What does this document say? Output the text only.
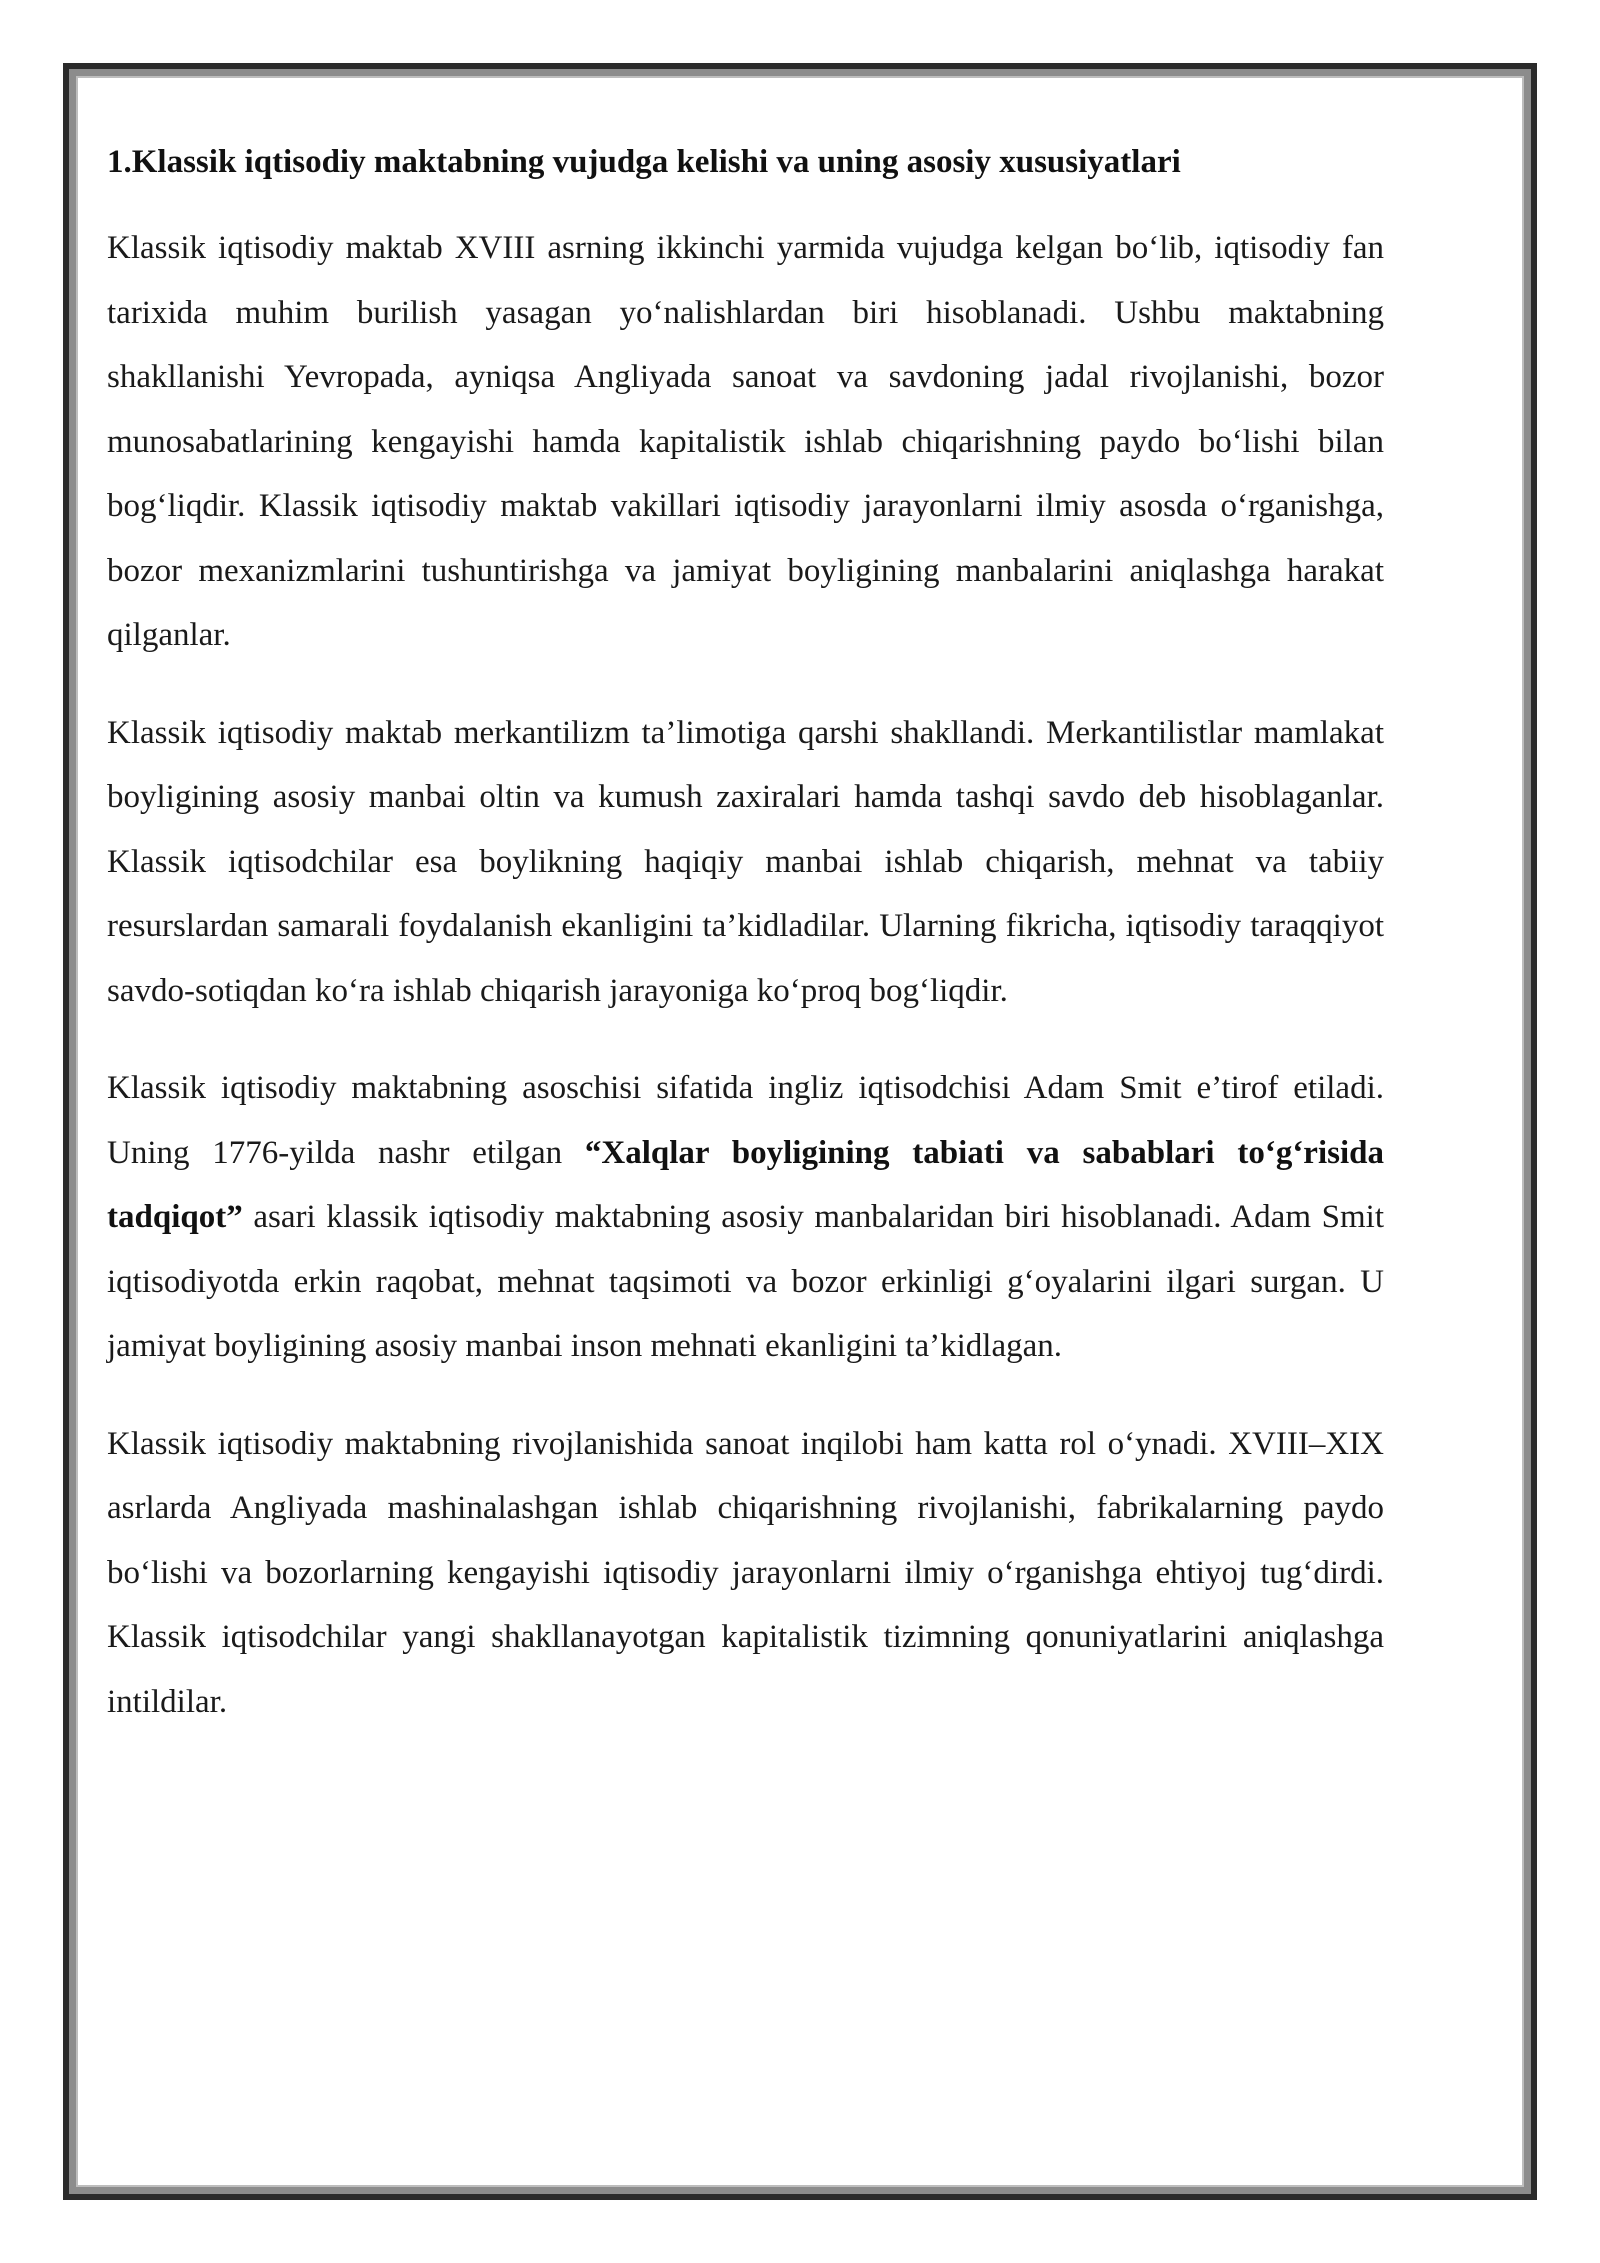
1.Klassik iqtisodiy maktabning vujudga kelishi va uning asosiy xususiyatlari

Klassik iqtisodiy maktab XVIII asrning ikkinchi yarmida vujudga kelgan bo‘lib, iqtisodiy fan tarixida muhim burilish yasagan yo‘nalishlardan biri hisoblanadi. Ushbu maktabning shakllanishi Yevropada, ayniqsa Angliyada sanoat va savdoning jadal rivojlanishi, bozor munosabatlarining kengayishi hamda kapitalistik ishlab chiqarishning paydo bo‘lishi bilan bog‘liqdir. Klassik iqtisodiy maktab vakillari iqtisodiy jarayonlarni ilmiy asosda o‘rganishga, bozor mexanizmlarini tushuntirishga va jamiyat boyligining manbalarini aniqlashga harakat qilganlar.

Klassik iqtisodiy maktab merkantilizm ta’limotiga qarshi shakllandi. Merkantilistlar mamlakat boyligining asosiy manbai oltin va kumush zaxiralari hamda tashqi savdo deb hisoblaganlar. Klassik iqtisodchilar esa boylikning haqiqiy manbai ishlab chiqarish, mehnat va tabiiy resurslardan samarali foydalanish ekanligini ta’kidladilar. Ularning fikricha, iqtisodiy taraqqiyot savdo-sotiqdan ko‘ra ishlab chiqarish jarayoniga ko‘proq bog‘liqdir.

Klassik iqtisodiy maktabning asoschisi sifatida ingliz iqtisodchisi Adam Smit e’tirof etiladi. Uning 1776-yilda nashr etilgan “Xalqlar boyligining tabiati va sabablari to‘g‘risida tadqiqot” asari klassik iqtisodiy maktabning asosiy manbalaridan biri hisoblanadi. Adam Smit iqtisodiyotda erkin raqobat, mehnat taqsimoti va bozor erkinligi g‘oyalarini ilgari surgan. U jamiyat boyligining asosiy manbai inson mehnati ekanligini ta’kidlagan.

Klassik iqtisodiy maktabning rivojlanishida sanoat inqilobi ham katta rol o‘ynadi. XVIII–XIX asrlarda Angliyada mashinalashgan ishlab chiqarishning rivojlanishi, fabrikalarning paydo bo‘lishi va bozorlarning kengayishi iqtisodiy jarayonlarni ilmiy o‘rganishga ehtiyoj tug‘dirdi. Klassik iqtisodchilar yangi shakllanayotgan kapitalistik tizimning qonuniyatlarini aniqlashga intildilar.
